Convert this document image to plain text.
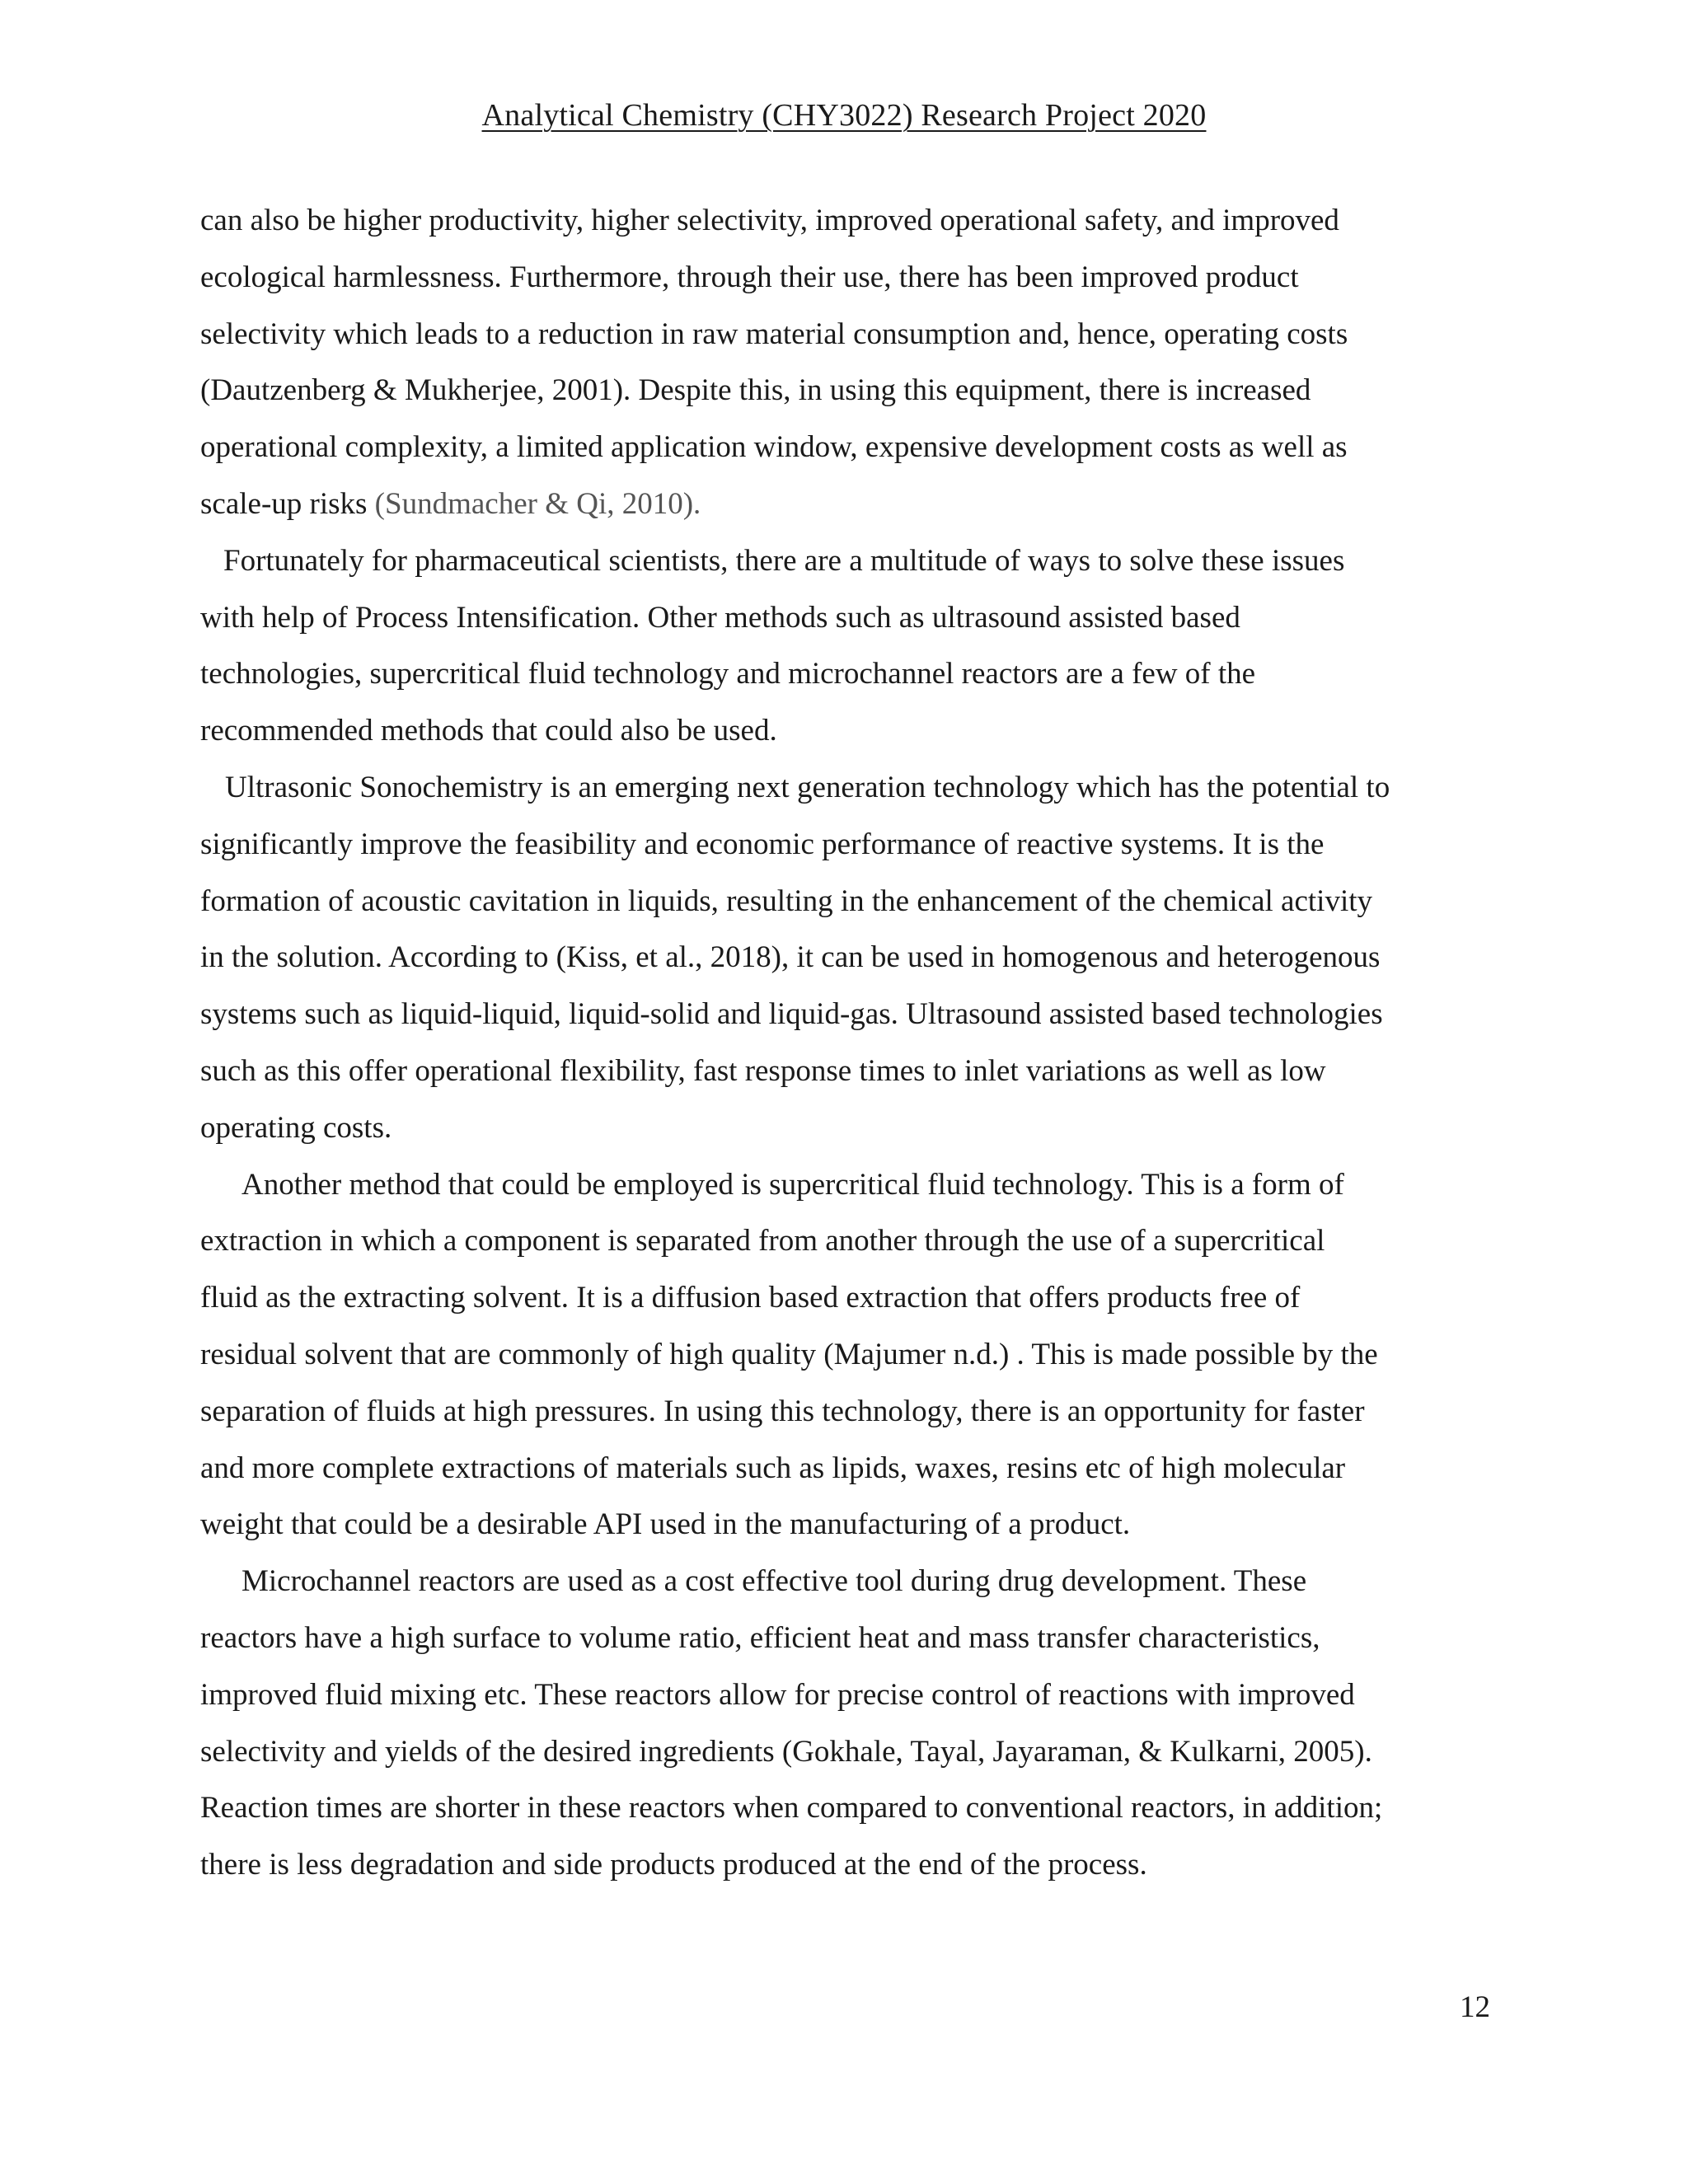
Analytical Chemistry (CHY3022) Research Project 2020
can also be higher productivity, higher selectivity, improved operational safety, and improved
ecological harmlessness. Furthermore, through their use, there has been improved product
selectivity which leads to a reduction in raw material consumption and, hence, operating costs
(Dautzenberg & Mukherjee, 2001). Despite this, in using this equipment, there is increased
operational complexity, a limited application window, expensive development costs as well as
scale-up risks (Sundmacher & Qi, 2010).
Fortunately for pharmaceutical scientists, there are a multitude of ways to solve these issues
with help of Process Intensification. Other methods such as ultrasound assisted based
technologies, supercritical fluid technology and microchannel reactors are a few of the
recommended methods that could also be used.
Ultrasonic Sonochemistry is an emerging next generation technology which has the potential to
significantly improve the feasibility and economic performance of reactive systems. It is the
formation of acoustic cavitation in liquids, resulting in the enhancement of the chemical activity
in the solution. According to (Kiss, et al., 2018), it can be used in homogenous and heterogenous
systems such as liquid-liquid, liquid-solid and liquid-gas. Ultrasound assisted based technologies
such as this offer operational flexibility, fast response times to inlet variations as well as low
operating costs.
Another method that could be employed is supercritical fluid technology. This is a form of
extraction in which a component is separated from another through the use of a supercritical
fluid as the extracting solvent. It is a diffusion based extraction that offers products free of
residual solvent that are commonly of high quality (Majumer n.d.) . This is made possible by the
separation of fluids at high pressures. In using this technology, there is an opportunity for faster
and more complete extractions of materials such as lipids, waxes, resins etc of high molecular
weight that could be a desirable API used in the manufacturing of a product.
Microchannel reactors are used as a cost effective tool during drug development. These
reactors have a high surface to volume ratio, efficient heat and mass transfer characteristics,
improved fluid mixing etc. These reactors allow for precise control of reactions with improved
selectivity and yields of the desired ingredients (Gokhale, Tayal, Jayaraman, & Kulkarni, 2005).
Reaction times are shorter in these reactors when compared to conventional reactors, in addition;
there is less degradation and side products produced at the end of the process.
12
